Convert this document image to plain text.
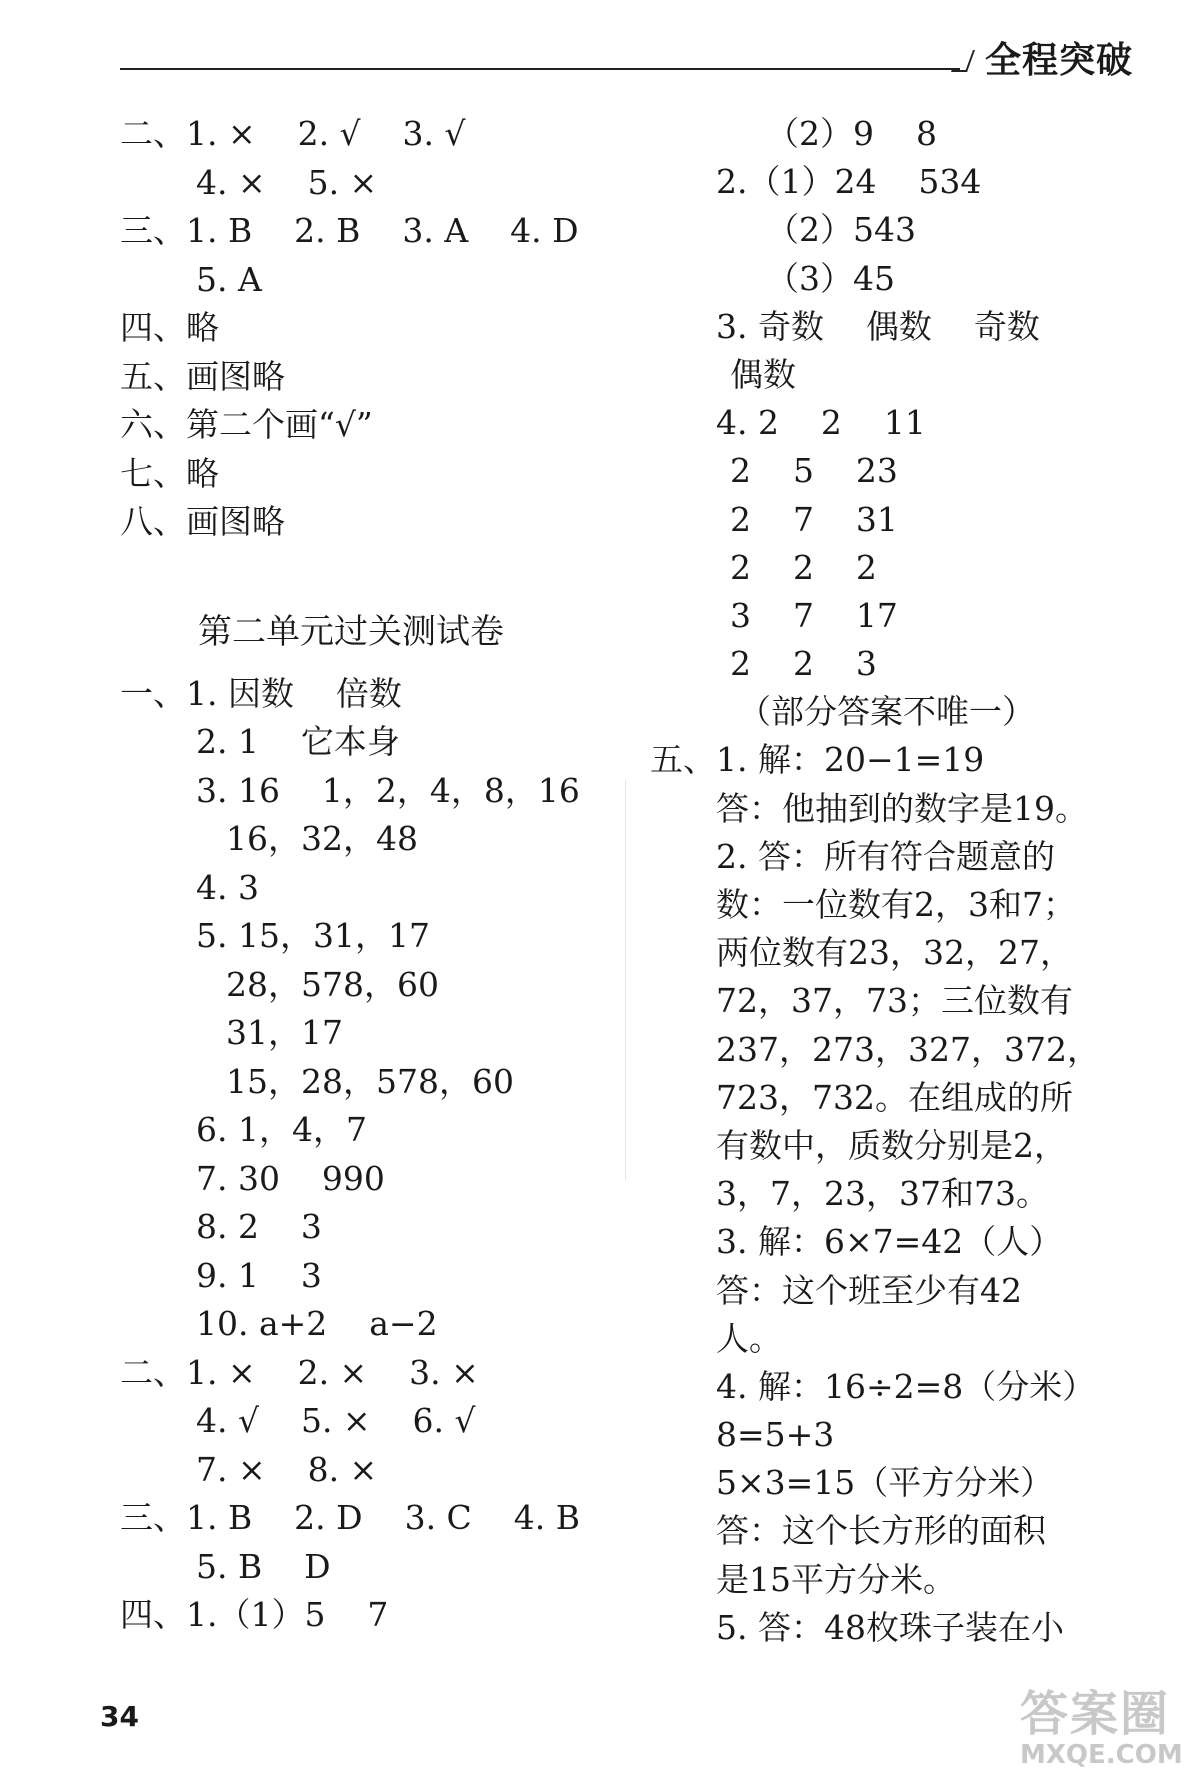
全程突破
二、1. ×    2. √    3. √
4. ×    5. ×
三、1. B    2. B    3. A    4. D
5. A
四、略
五、画图略
六、第二个画“√”
七、略
八、画图略
第二单元过关测试卷
一、1. 因数    倍数
2. 1    它本身
3. 16    1，2，4，8，16
16，32，48
4. 3
5. 15，31，17
28，578，60
31，17
15，28，578，60
6. 1，4，7
7. 30    990
8. 2    3
9. 1    3
10. a+2    a−2
二、1. ×    2. ×    3. ×
4. √    5. ×    6. √
7. ×    8. ×
三、1. B    2. D    3. C    4. B
5. B    D
四、1.（1）5    7
（2）9    8
2.（1）24    534
（2）543
（3）45
3. 奇数    偶数    奇数
偶数
4. 2    2    11
2    5    23
2    7    31
2    2    2
3    7    17
2    2    3
（部分答案不唯一）
五、1. 解：20−1=19
答：他抽到的数字是19。
2. 答：所有符合题意的
数：一位数有2，3和7；
两位数有23，32，27，
72，37，73；三位数有
237，273，327，372，
723，732。在组成的所
有数中，质数分别是2，
3，7，23，37和73。
3. 解：6×7=42（人）
答：这个班至少有42
人。
4. 解：16÷2=8（分米）
8=5+3
5×3=15（平方分米）
答：这个长方形的面积
是15平方分米。
5. 答：48枚珠子装在小
34	答案圈
MXQE.COM
